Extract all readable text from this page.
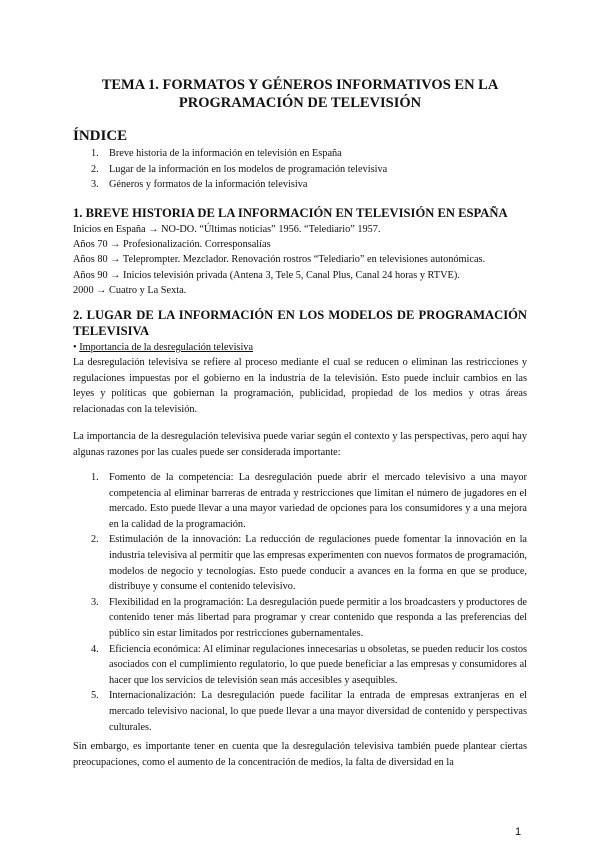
TEMA 1. FORMATOS Y GÉNEROS INFORMATIVOS EN LA
PROGRAMACIÓN DE TELEVISIÓN
ÍNDICE
1. Breve historia de la información en televisión en España
2. Lugar de la información en los modelos de programación televisiva
3. Géneros y formatos de la información televisiva
1. BREVE HISTORIA DE LA INFORMACIÓN EN TELEVISIÓN EN ESPAÑA
Inicios en España → NO-DO. “Últimas noticias” 1956. “Telediario” 1957.
Años 70 → Profesionalización. Corresponsalías
Años 80 → Teleprompter. Mezclador. Renovación rostros “Telediario” en televisiones autonómicas.
Años 90 → Inicios televisión privada (Antena 3, Tele 5, Canal Plus, Canal 24 horas y RTVE).
2000 → Cuatro y La Sexta.
2. LUGAR DE LA INFORMACIÓN EN LOS MODELOS DE PROGRAMACIÓN TELEVISIVA
• Importancia de la desregulación televisiva
La desregulación televisiva se refiere al proceso mediante el cual se reducen o eliminan las restricciones y regulaciones impuestas por el gobierno en la industria de la televisión. Esto puede incluir cambios en las leyes y políticas que gobiernan la programación, publicidad, propiedad de los medios y otras áreas relacionadas con la televisión.
La importancia de la desregulación televisiva puede variar según el contexto y las perspectivas, pero aquí hay algunas razones por las cuales puede ser considerada importante:
1. Fomento de la competencia: La desregulación puede abrir el mercado televisivo a una mayor competencia al eliminar barreras de entrada y restricciones que limitan el número de jugadores en el mercado. Esto puede llevar a una mayor variedad de opciones para los consumidores y a una mejora en la calidad de la programación.
2. Estimulación de la innovación: La reducción de regulaciones puede fomentar la innovación en la industria televisiva al permitir que las empresas experimenten con nuevos formatos de programación, modelos de negocio y tecnologías. Esto puede conducir a avances en la forma en que se produce, distribuye y consume el contenido televisivo.
3. Flexibilidad en la programación: La desregulación puede permitir a los broadcasters y productores de contenido tener más libertad para programar y crear contenido que responda a las preferencias del público sin estar limitados por restricciones gubernamentales.
4. Eficiencia económica: Al eliminar regulaciones innecesarias u obsoletas, se pueden reducir los costos asociados con el cumplimiento regulatorio, lo que puede beneficiar a las empresas y consumidores al hacer que los servicios de televisión sean más accesibles y asequibles.
5. Internacionalización: La desregulación puede facilitar la entrada de empresas extranjeras en el mercado televisivo nacional, lo que puede llevar a una mayor diversidad de contenido y perspectivas culturales.
Sin embargo, es importante tener en cuenta que la desregulación televisiva también puede plantear ciertas preocupaciones, como el aumento de la concentración de medios, la falta de diversidad en la
1
